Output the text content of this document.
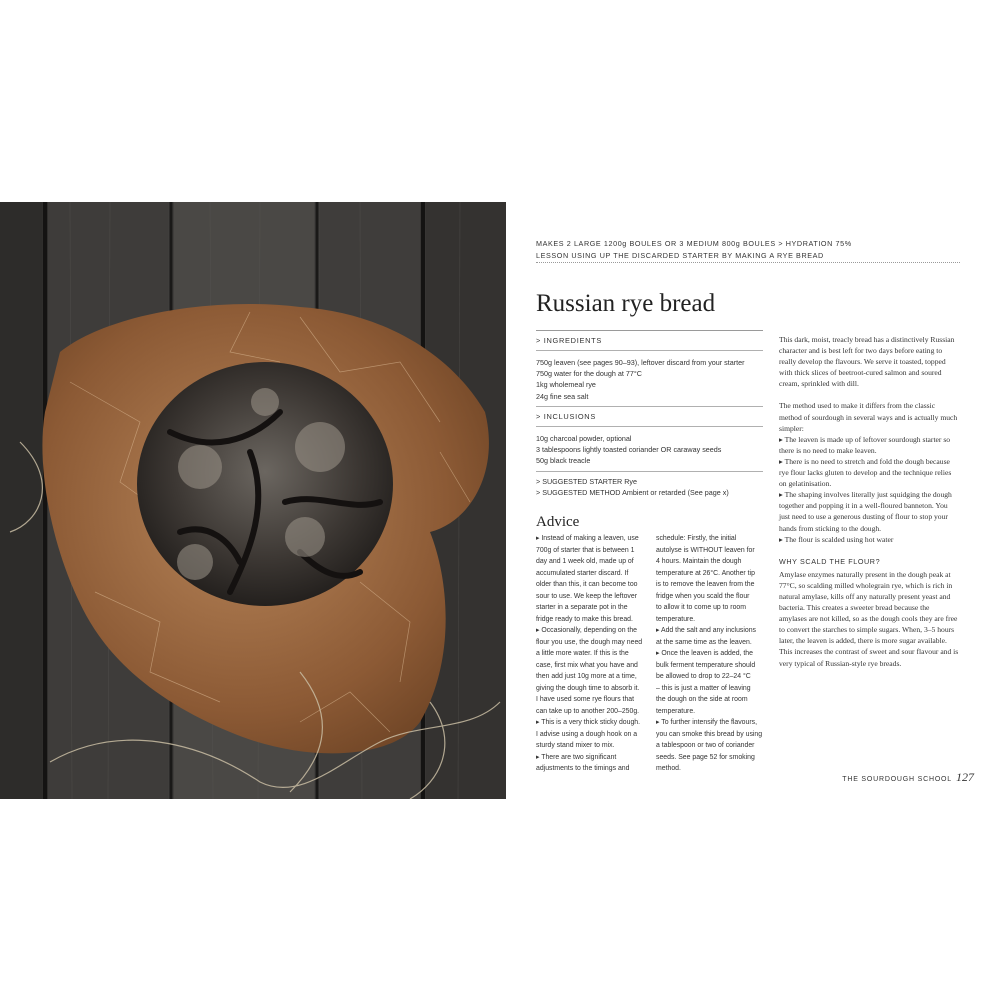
MAKES 2 LARGE 1200g BOULES OR 3 MEDIUM 800g BOULES > HYDRATION 75%
LESSON USING UP THE DISCARDED STARTER BY MAKING A RYE BREAD
Russian rye bread
> INGREDIENTS
750g leaven (see pages 90–93), leftover discard from your starter
750g water for the dough at 77°C
1kg wholemeal rye
24g fine sea salt
> INCLUSIONS
10g charcoal powder, optional
3 tablespoons lightly toasted coriander OR caraway seeds
50g black treacle
> SUGGESTED STARTER Rye
> SUGGESTED METHOD Ambient or retarded (See page x)
Advice

▸ Instead of making a leaven, use

700g of starter that is between 1

day and 1 week old, made up of

accumulated starter discard. If

older than this, it can become too

sour to use. We keep the leftover

starter in a separate pot in the

fridge ready to make this bread.

▸ Occasionally, depending on the

flour you use, the dough may need

a little more water. If this is the

case, first mix what you have and

then add just 10g more at a time,

giving the dough time to absorb it.

I have used some rye flours that

can take up to another 200–250g.

▸ This is a very thick sticky dough.

I advise using a dough hook on a

sturdy stand mixer to mix.

▸ There are two significant

adjustments to the timings and

schedule: Firstly, the initial

autolyse is WITHOUT leaven for

4 hours. Maintain the dough

temperature at 26°C. Another tip

is to remove the leaven from the

fridge when you scald the flour

to allow it to come up to room

temperature.

▸ Add the salt and any inclusions

at the same time as the leaven.

▸ Once the leaven is added, the

bulk ferment temperature should

be allowed to drop to 22–24 °C

– this is just a matter of leaving

the dough on the side at room

temperature.

▸ To further intensify the flavours,

you can smoke this bread by using

a tablespoon or two of coriander

seeds. See page 52 for smoking

method.

This dark, moist, treacly bread has a distinctively Russian character and is best left for two days before eating to really develop the flavours. We serve it toasted, topped with thick slices of beetroot-cured salmon and soured cream, sprinkled with dill.

The method used to make it differs from the classic method of sourdough in several ways and is actually much simpler:
▸ The leaven is made up of leftover sourdough starter so there is no need to make leaven.
▸ There is no need to stretch and fold the dough because rye flour lacks gluten to develop and the technique relies on gelatinisation.
▸ The shaping involves literally just squidging the dough together and popping it in a well-floured banneton. You just need to use a generous dusting of flour to stop your hands from sticking to the dough.

▸ The flour is scalded using hot water

WHY SCALD THE FLOUR?

Amylase enzymes naturally present in the dough peak at 77°C, so scalding milled wholegrain rye, which is rich in natural amylase, kills off any naturally present yeast and bacteria. This creates a sweeter bread because the amylases are not killed, so as the dough cools they are free to convert the starches to simple sugars. When, 3–5 hours later, the leaven is added, there is more sugar available. This increases the contrast of sweet and sour flavour and is very typical of Russian-style rye breads.

THE SOURDOUGH SCHOOL 127
